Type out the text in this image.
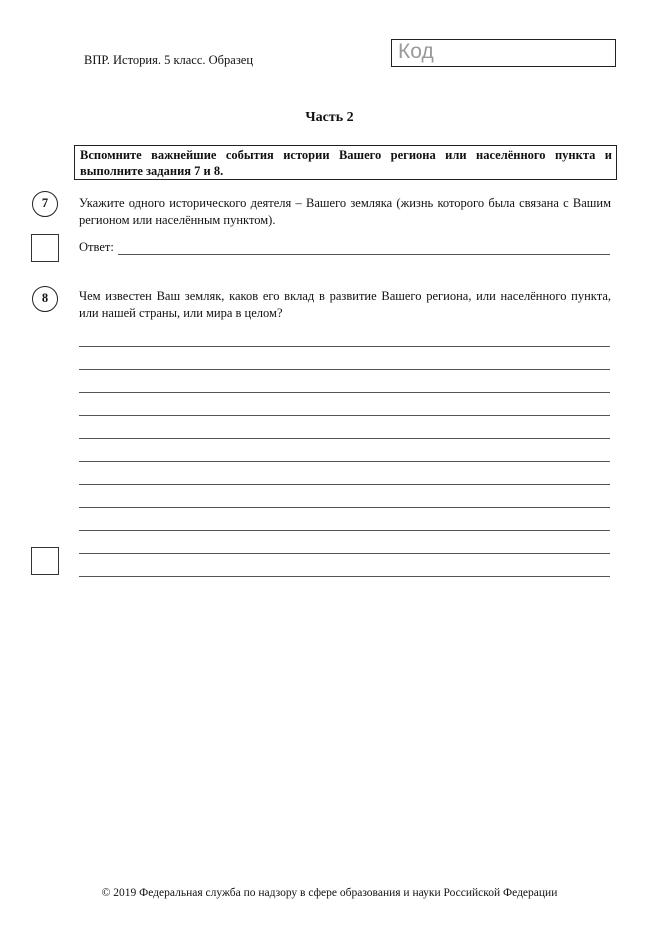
ВПР. История. 5 класс. Образец	Код
Часть 2
Вспомните важнейшие события истории Вашего региона или населённого пункта и выполните задания 7 и 8.
7	Укажите одного исторического деятеля – Вашего земляка (жизнь которого была связана с Вашим регионом или населённым пунктом).
Ответ:
8	Чем известен Ваш земляк, каков его вклад в развитие Вашего региона, или населённого пункта, или нашей страны, или мира в целом?
© 2019 Федеральная служба по надзору в сфере образования и науки Российской Федерации
